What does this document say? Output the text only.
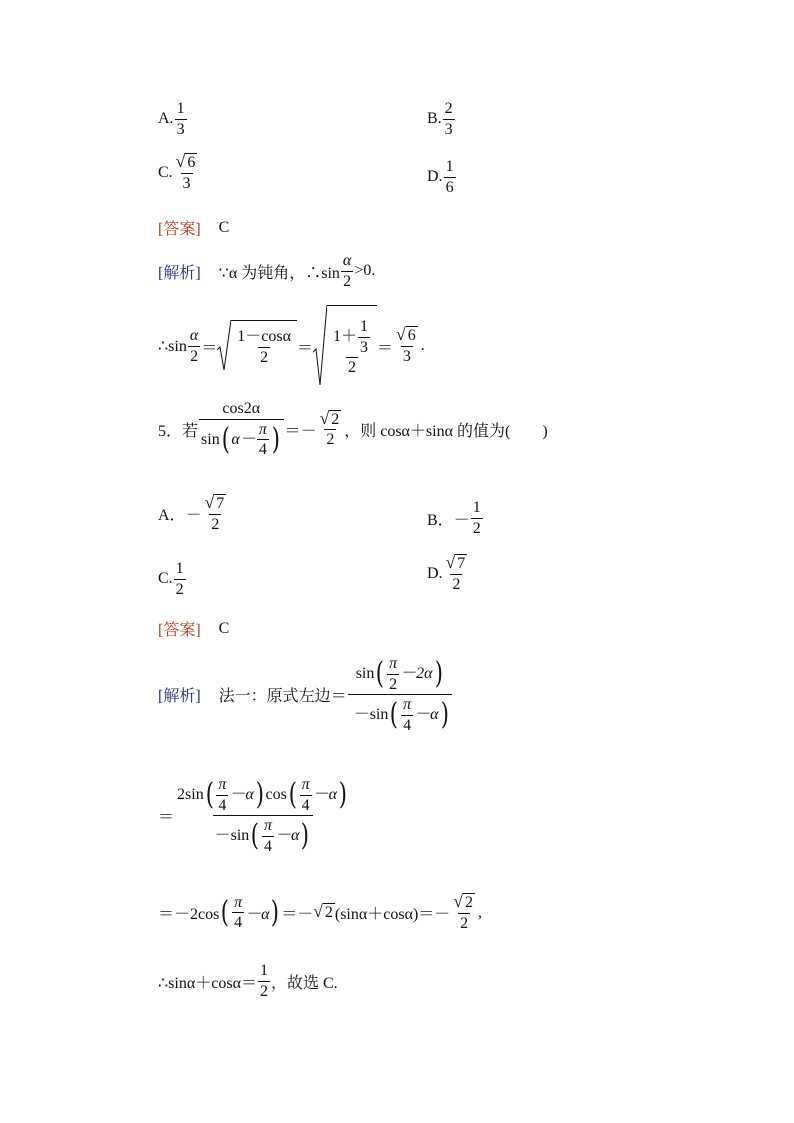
A. $\frac{1}{3}$	B. $\frac{2}{3}$
C. $\frac{√ 6}{3}$	D. $\frac{1}{6}$
[答案] C
[解析] ∵α 为钝角，∴sin $\frac{\alpha}{2} >0$.
∴sin $\frac{\alpha}{2} = \frac{1-\cos\alpha}{2} = \frac{1+ \frac{1}{3}}{2} = \frac{√ 6}{3}$ .
5．若 $\frac{\cos 2\alpha}{\sin ( \alpha- \frac{\pi}{4} )} =- \frac{√ 2}{2}$ ，则 cosα＋sinα 的值为(　　)
A． － $\frac{√ 7}{2}$	B． － $\frac{1}{2}$
C. $\frac{1}{2}$	D. $\frac{√ 7}{2}$
[答案] C
[解析] 法一：原式左边＝ $\frac{\sin ( \frac{\pi}{2} -2\alpha )}{-\sin ( \frac{\pi}{4} -\alpha )}$
＝ $\frac{2\sin ( \frac{\pi}{4} -\alpha ) \cos ( \frac{\pi}{4} -\alpha )}{-\sin ( \frac{\pi}{4} -\alpha )}$
＝－2cos ( $\frac{\pi}{4} -\alpha$ ) ＝－ √ 2 $(\sin\alpha+\cos\alpha)=- \frac{√ 2}{2}$ ,
∴sinα＋cosα＝ $\frac{1}{2}$ ，故选 C.
